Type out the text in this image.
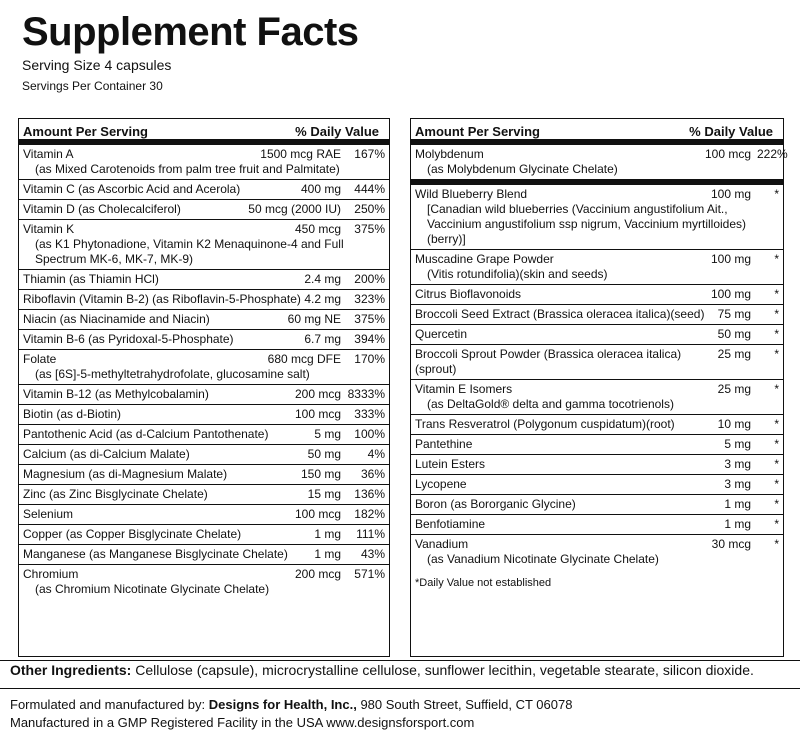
Supplement Facts
Serving Size 4 capsules
Servings Per Container 30
Amount Per Serving	% Daily Value
Vitamin A	1500 mcg RAE	167%
(as Mixed Carotenoids from palm tree fruit and Palmitate)
Vitamin C (as Ascorbic Acid and Acerola)	400 mg	444%
Vitamin D (as Cholecalciferol)	50 mcg (2000 IU)	250%
Vitamin K	450 mcg	375%
(as K1 Phytonadione, Vitamin K2 Menaquinone-4 and Full Spectrum MK-6, MK-7, MK-9)
Thiamin (as Thiamin HCl)	2.4 mg	200%
Riboflavin (Vitamin B-2) (as Riboflavin-5-Phosphate) 4.2 mg	323%
Niacin (as Niacinamide and Niacin)	60 mg NE	375%
Vitamin B-6 (as Pyridoxal-5-Phosphate)	6.7 mg	394%
Folate	680 mcg DFE	170%
(as [6S]-5-methyltetrahydrofolate, glucosamine salt)
Vitamin B-12 (as Methylcobalamin)	200 mcg 8333%
Biotin (as d-Biotin)	100 mcg	333%
Pantothenic Acid (as d-Calcium Pantothenate)	5 mg	100%
Calcium (as di-Calcium Malate)	50 mg	4%
Magnesium (as di-Magnesium Malate)	150 mg	36%
Zinc (as Zinc Bisglycinate Chelate)	15 mg	136%
Selenium	100 mcg	182%
Copper (as Copper Bisglycinate Chelate)	1 mg	111%
Manganese (as Manganese Bisglycinate Chelate)	1 mg	43%
Chromium	200 mcg	571%
(as Chromium Nicotinate Glycinate Chelate)
Amount Per Serving	% Daily Value
Molybdenum	100 mcg 222%
(as Molybdenum Glycinate Chelate)
Wild Blueberry Blend	100 mg	*
[Canadian wild blueberries (Vaccinium angustifolium Ait., Vaccinium angustifolium ssp nigrum, Vaccinium myrtilloides)(berry)]
Muscadine Grape Powder	100 mg	*
(Vitis rotundifolia)(skin and seeds)
Citrus Bioflavonoids	100 mg	*
Broccoli Seed Extract (Brassica oleracea italica)(seed)	75 mg	*
Quercetin	50 mg	*
Broccoli Sprout Powder (Brassica oleracea italica)(sprout)
25 mg	*
Vitamin E Isomers	25 mg	*
(as DeltaGold® delta and gamma tocotrienols)
Trans Resveratrol (Polygonum cuspidatum)(root)	10 mg	*
Pantethine	5 mg	*
Lutein Esters	3 mg	*
Lycopene	3 mg	*
Boron (as Bororganic Glycine)	1 mg	*
Benfotiamine	1 mg	*
Vanadium	30 mcg	*
(as Vanadium Nicotinate Glycinate Chelate)
*Daily Value not established
Other Ingredients: Cellulose (capsule), microcrystalline cellulose, sunflower lecithin, vegetable stearate, silicon dioxide.
Formulated and manufactured by: Designs for Health, Inc., 980 South Street, Suffield, CT 06078
Manufactured in a GMP Registered Facility in the USA www.designsforsport.com
